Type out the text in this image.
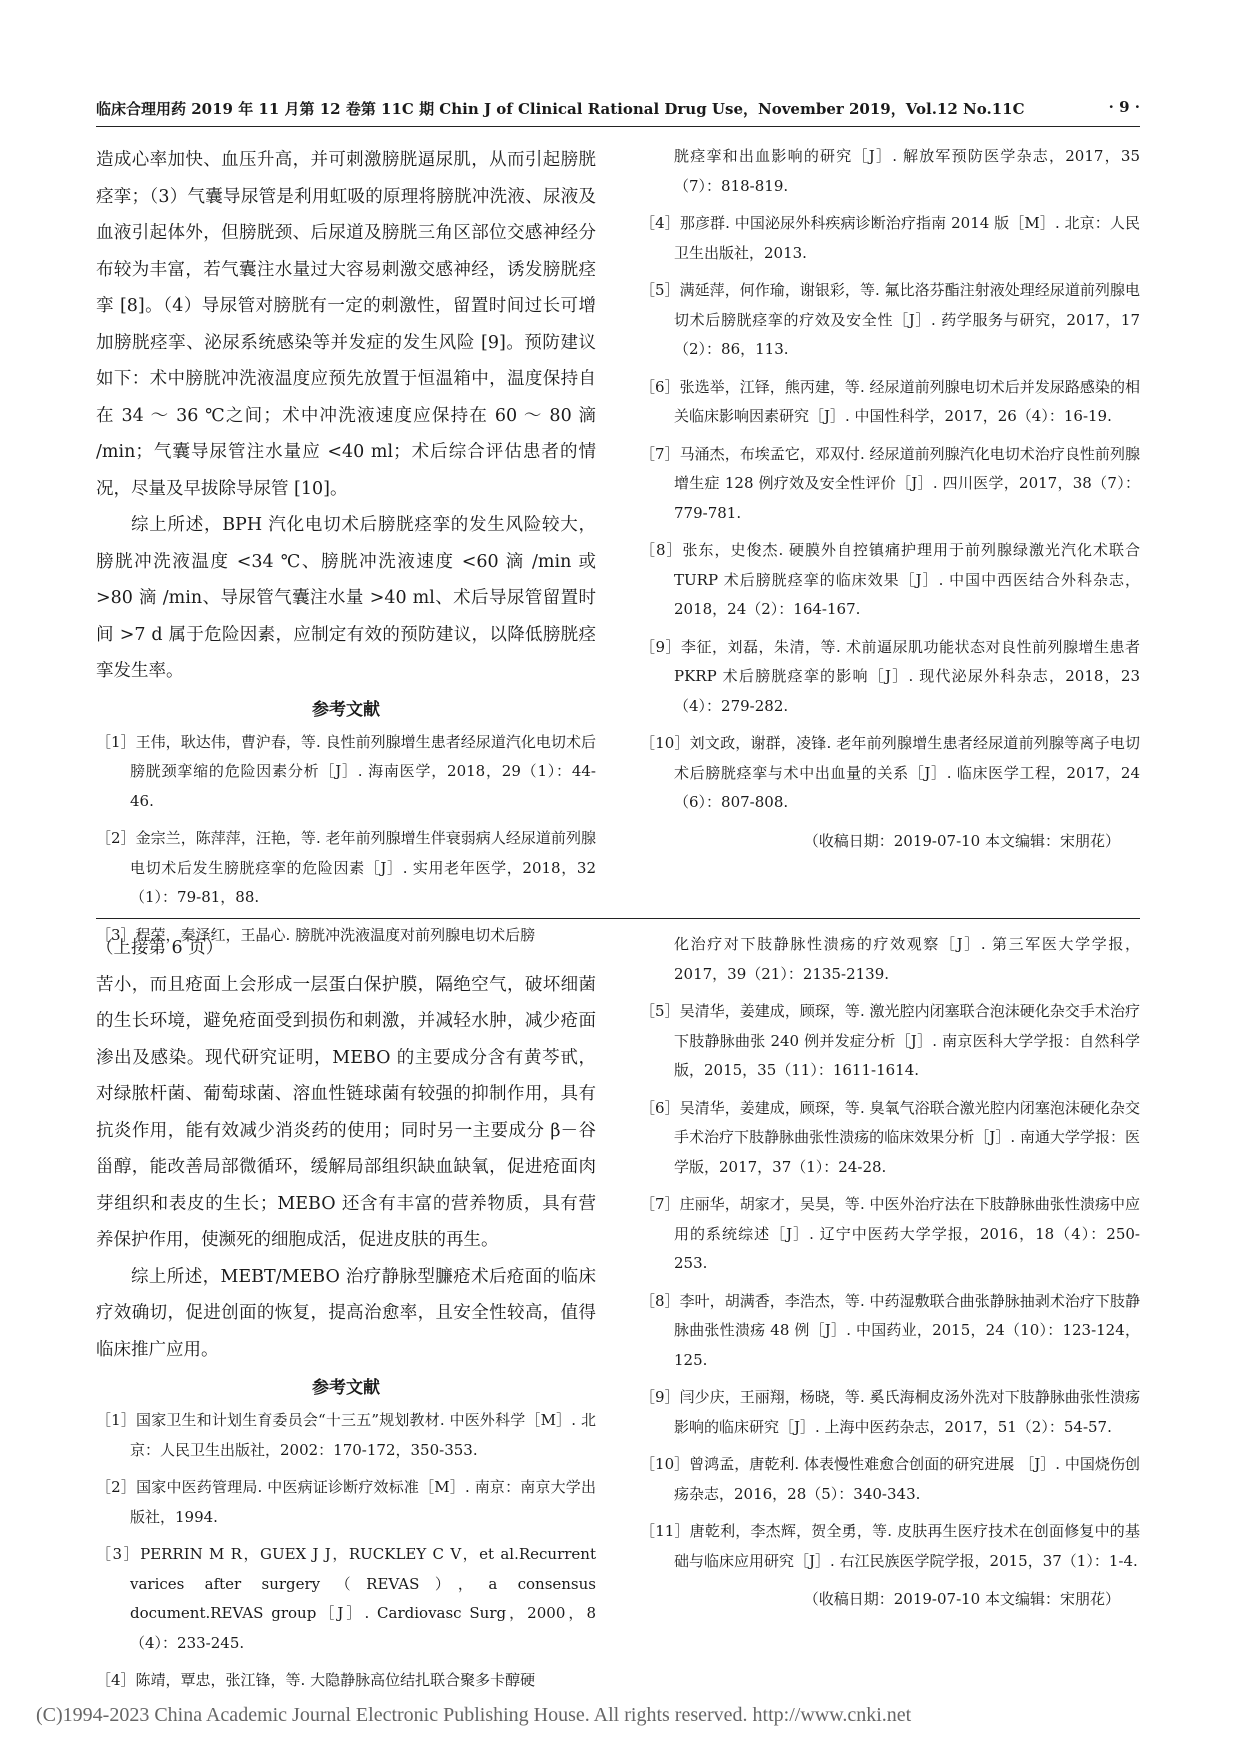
临床合理用药 2019 年 11 月第 12 卷第 11C 期 Chin J of Clinical Rational Drug Use，November 2019，Vol.12 No.11C	· 9 ·

造成心率加快、血压升高，并可刺激膀胱逼尿肌，从而引起膀胱痉挛；（3）气囊导尿管是利用虹吸的原理将膀胱冲洗液、尿液及血液引起体外，但膀胱颈、后尿道及膀胱三角区部位交感神经分布较为丰富，若气囊注水量过大容易刺激交感神经，诱发膀胱痉挛 [8]。（4）导尿管对膀胱有一定的刺激性，留置时间过长可增加膀胱痉挛、泌尿系统感染等并发症的发生风险 [9]。预防建议如下：术中膀胱冲洗液温度应预先放置于恒温箱中，温度保持自在 34 ～ 36 ℃之间；术中冲洗液速度应保持在 60 ～ 80 滴 /min；气囊导尿管注水量应 <40 ml；术后综合评估患者的情况，尽量及早拔除导尿管 [10]。

综上所述，BPH 汽化电切术后膀胱痉挛的发生风险较大，膀胱冲洗液温度 <34 ℃、膀胱冲洗液速度 <60 滴 /min 或 >80 滴 /min、导尿管气囊注水量 >40 ml、术后导尿管留置时间 >7 d 属于危险因素，应制定有效的预防建议，以降低膀胱痉挛发生率。

参考文献
［1］王伟，耿达伟，曹沪春，等. 良性前列腺增生患者经尿道汽化电切术后膀胱颈挛缩的危险因素分析［J］. 海南医学，2018，29（1）：44-46.
［2］金宗兰，陈萍萍，汪艳，等. 老年前列腺增生伴衰弱病人经尿道前列腺电切术后发生膀胱痉挛的危险因素［J］. 实用老年医学，2018，32（1）：79-81，88.
［3］程荣，秦泽红，王晶心. 膀胱冲洗液温度对前列腺电切术后膀
胱痉挛和出血影响的研究［J］. 解放军预防医学杂志，2017，35（7）：818-819.
［4］那彦群. 中国泌尿外科疾病诊断治疗指南 2014 版［M］. 北京：人民卫生出版社，2013.
［5］满延萍，何作瑜，谢银彩，等. 氟比洛芬酯注射液处理经尿道前列腺电切术后膀胱痉挛的疗效及安全性［J］. 药学服务与研究，2017，17（2）：86，113.
［6］张选举，江铎，熊丙建，等. 经尿道前列腺电切术后并发尿路感染的相关临床影响因素研究［J］. 中国性科学，2017，26（4）：16-19.
［7］马涌杰，布埃孟它，邓双付. 经尿道前列腺汽化电切术治疗良性前列腺增生症 128 例疗效及安全性评价［J］. 四川医学，2017，38（7）：779-781.
［8］张东，史俊杰. 硬膜外自控镇痛护理用于前列腺绿激光汽化术联合 TURP 术后膀胱痉挛的临床效果［J］. 中国中西医结合外科杂志，2018，24（2）：164-167.
［9］李征，刘磊，朱清，等. 术前逼尿肌功能状态对良性前列腺增生患者 PKRP 术后膀胱痉挛的影响［J］. 现代泌尿外科杂志，2018，23（4）：279-282.
［10］刘文政，谢群，凌锋. 老年前列腺增生患者经尿道前列腺等离子电切术后膀胱痉挛与术中出血量的关系［J］. 临床医学工程，2017，24（6）：807-808.
（收稿日期：2019-07-10 本文编辑：宋朋花）

（上接第 6 页）

苦小，而且疮面上会形成一层蛋白保护膜，隔绝空气，破坏细菌的生长环境，避免疮面受到损伤和刺激，并减轻水肿，减少疮面渗出及感染。现代研究证明，MEBO 的主要成分含有黄芩甙，对绿脓杆菌、葡萄球菌、溶血性链球菌有较强的抑制作用，具有抗炎作用，能有效减少消炎药的使用；同时另一主要成分 β－谷甾醇，能改善局部微循环，缓解局部组织缺血缺氧，促进疮面肉芽组织和表皮的生长；MEBO 还含有丰富的营养物质，具有营养保护作用，使濒死的细胞成活，促进皮肤的再生。

综上所述，MEBT/MEBO 治疗静脉型臁疮术后疮面的临床疗效确切，促进创面的恢复，提高治愈率，且安全性较高，值得临床推广应用。

参考文献
［1］国家卫生和计划生育委员会“十三五”规划教材. 中医外科学［M］. 北京：人民卫生出版社，2002：170-172，350-353.
［2］国家中医药管理局. 中医病证诊断疗效标准［M］. 南京：南京大学出版社，1994.
［3］PERRIN M R，GUEX J J，RUCKLEY C V，et al.Recurrent varices after surgery（REVAS），a consensus document.REVAS group［J］. Cardiovasc Surg，2000，8（4）：233-245.
［4］陈靖，覃忠，张江锋，等. 大隐静脉高位结扎联合聚多卡醇硬
化治疗对下肢静脉性溃疡的疗效观察［J］. 第三军医大学学报，2017，39（21）：2135-2139.
［5］吴清华，姜建成，顾琛，等. 激光腔内闭塞联合泡沫硬化杂交手术治疗下肢静脉曲张 240 例并发症分析［J］. 南京医科大学学报：自然科学版，2015，35（11）：1611-1614.
［6］吴清华，姜建成，顾琛，等. 臭氧气浴联合激光腔内闭塞泡沫硬化杂交手术治疗下肢静脉曲张性溃疡的临床效果分析［J］. 南通大学学报：医学版，2017，37（1）：24-28.
［7］庄丽华，胡家才，吴昊，等. 中医外治疗法在下肢静脉曲张性溃疡中应用的系统综述［J］. 辽宁中医药大学学报，2016，18（4）：250-253.
［8］李叶，胡满香，李浩杰，等. 中药湿敷联合曲张静脉抽剥术治疗下肢静脉曲张性溃疡 48 例［J］. 中国药业，2015，24（10）：123-124，125.
［9］闫少庆，王丽翔，杨晓，等. 奚氏海桐皮汤外洗对下肢静脉曲张性溃疡影响的临床研究［J］. 上海中医药杂志，2017，51（2）：54-57.
［10］曾鸿孟，唐乾利. 体表慢性难愈合创面的研究进展 ［J］. 中国烧伤创疡杂志，2016，28（5）：340-343.
［11］唐乾利，李杰辉，贺全勇，等. 皮肤再生医疗技术在创面修复中的基础与临床应用研究［J］. 右江民族医学院学报，2015，37（1）：1-4.
（收稿日期：2019-07-10 本文编辑：宋朋花）
(C)1994-2023 China Academic Journal Electronic Publishing House. All rights reserved. http://www.cnki.net
